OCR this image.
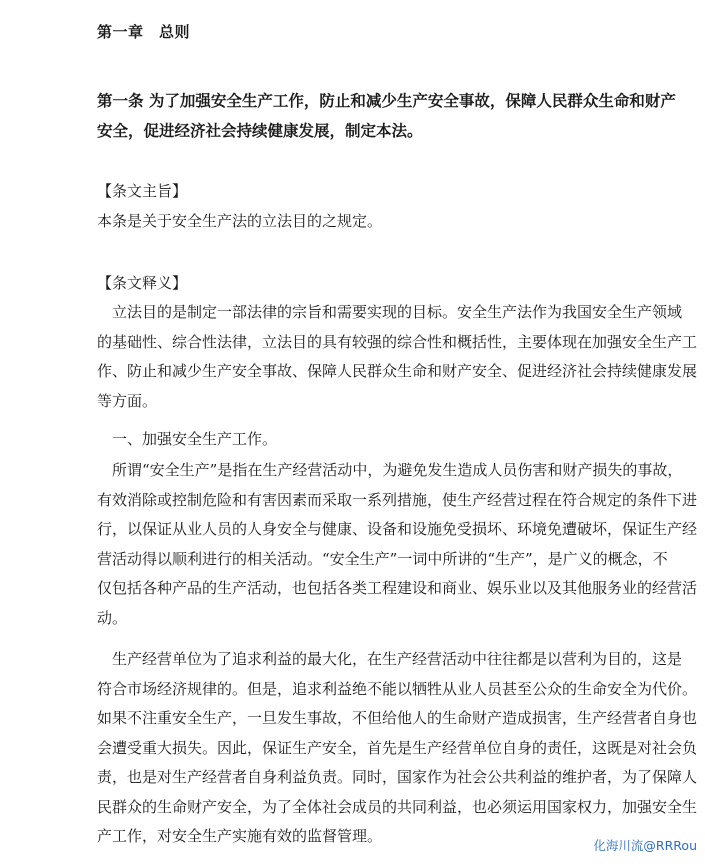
第一章　总则
第一条 为了加强安全生产工作，防止和减少生产安全事故，保障人民群众生命和财产
安全，促进经济社会持续健康发展，制定本法。
【条文主旨】
本条是关于安全生产法的立法目的之规定。
【条文释义】
　立法目的是制定一部法律的宗旨和需要实现的目标。安全生产法作为我国安全生产领域
的基础性、综合性法律，立法目的具有较强的综合性和概括性，主要体现在加强安全生产工
作、防止和减少生产安全事故、保障人民群众生命和财产安全、促进经济社会持续健康发展
等方面。
　一、加强安全生产工作。
　所谓“安全生产”是指在生产经营活动中，为避免发生造成人员伤害和财产损失的事故，
有效消除或控制危险和有害因素而采取一系列措施，使生产经营过程在符合规定的条件下进
行，以保证从业人员的人身安全与健康、设备和设施免受损坏、环境免遭破坏，保证生产经
营活动得以顺利进行的相关活动。“安全生产”一词中所讲的“生产”，是广义的概念，不
仅包括各种产品的生产活动，也包括各类工程建设和商业、娱乐业以及其他服务业的经营活
动。
　生产经营单位为了追求利益的最大化，在生产经营活动中往往都是以营利为目的，这是
符合市场经济规律的。但是，追求利益绝不能以牺牲从业人员甚至公众的生命安全为代价。
如果不注重安全生产，一旦发生事故，不但给他人的生命财产造成损害，生产经营者自身也
会遭受重大损失。因此，保证生产安全，首先是生产经营单位自身的责任，这既是对社会负
责，也是对生产经营者自身利益负责。同时，国家作为社会公共利益的维护者，为了保障人
民群众的生命财产安全，为了全体社会成员的共同利益，也必须运用国家权力，加强安全生
产工作，对安全生产实施有效的监督管理。
化海川流@RRRou
